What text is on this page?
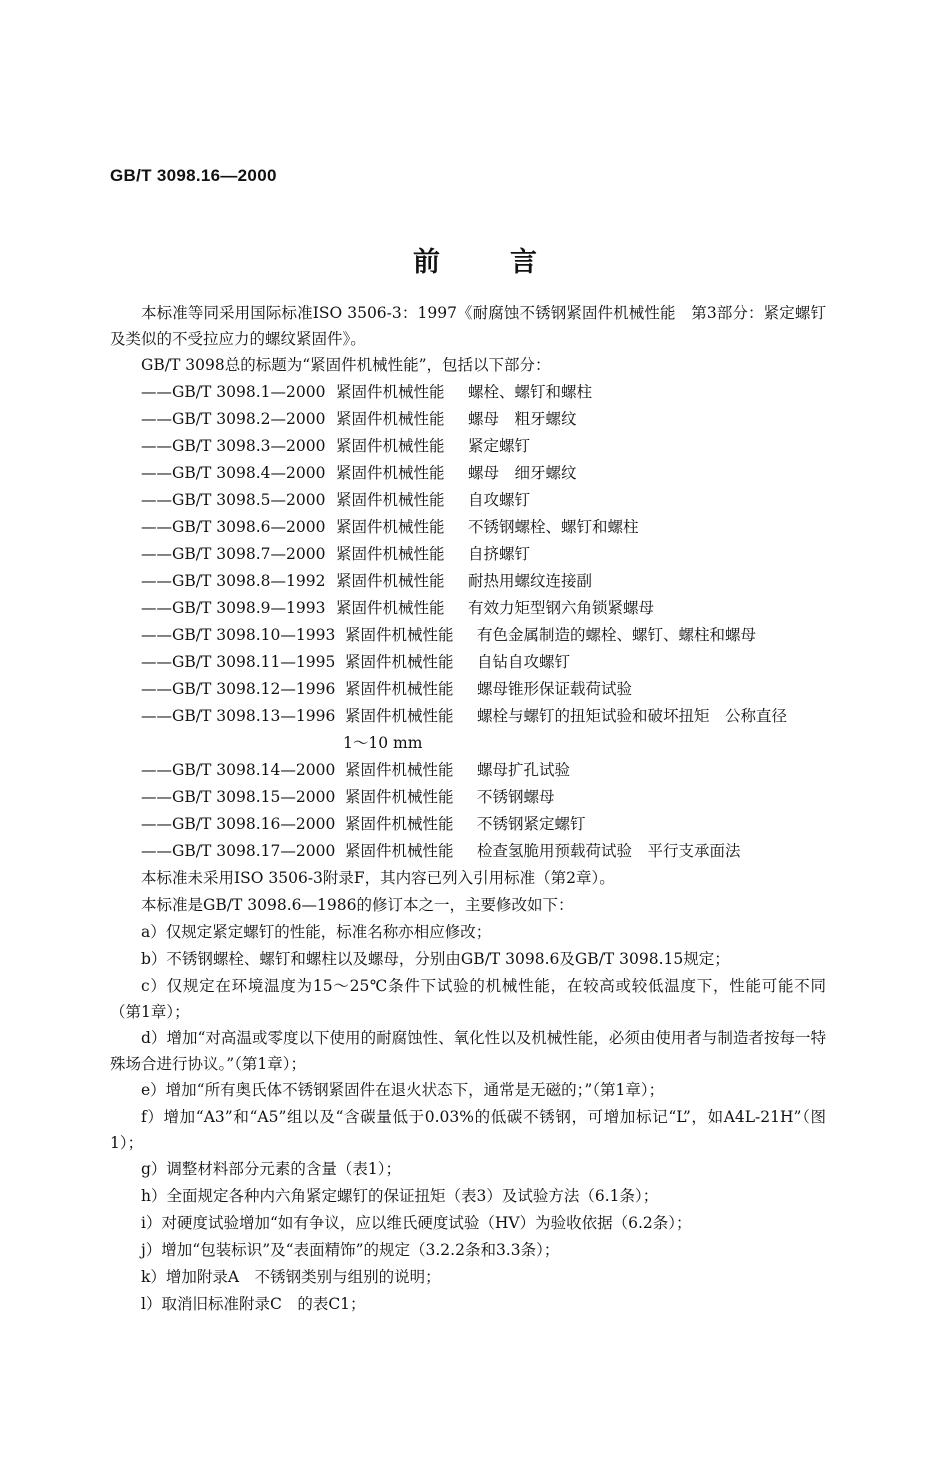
GB/T 3098.16—2000
前	言

本标准等同采用国际标准ISO 3506-3：1997《耐腐蚀不锈钢紧固件机械性能　第3部分：紧定螺钉及类似的不受拉应力的螺纹紧固件》。

GB/T 3098总的标题为“紧固件机械性能”，包括以下部分：

——GB/T 3098.1—2000 紧固件机械性能 螺栓、螺钉和螺柱
——GB/T 3098.2—2000 紧固件机械性能 螺母　粗牙螺纹
——GB/T 3098.3—2000 紧固件机械性能 紧定螺钉
——GB/T 3098.4—2000 紧固件机械性能 螺母　细牙螺纹
——GB/T 3098.5—2000 紧固件机械性能 自攻螺钉
——GB/T 3098.6—2000 紧固件机械性能 不锈钢螺栓、螺钉和螺柱
——GB/T 3098.7—2000 紧固件机械性能 自挤螺钉
——GB/T 3098.8—1992 紧固件机械性能 耐热用螺纹连接副
——GB/T 3098.9—1993 紧固件机械性能 有效力矩型钢六角锁紧螺母
——GB/T 3098.10—1993 紧固件机械性能 有色金属制造的螺栓、螺钉、螺柱和螺母
——GB/T 3098.11—1995 紧固件机械性能 自钻自攻螺钉
——GB/T 3098.12—1996 紧固件机械性能 螺母锥形保证载荷试验
——GB/T 3098.13—1996 紧固件机械性能 螺栓与螺钉的扭矩试验和破坏扭矩　公称直径
1～10 mm
——GB/T 3098.14—2000 紧固件机械性能 螺母扩孔试验
——GB/T 3098.15—2000 紧固件机械性能 不锈钢螺母
——GB/T 3098.16—2000 紧固件机械性能 不锈钢紧定螺钉
——GB/T 3098.17—2000 紧固件机械性能 检查氢脆用预载荷试验　平行支承面法

本标准未采用ISO 3506-3附录F，其内容已列入引用标准（第2章）。

本标准是GB/T 3098.6—1986的修订本之一，主要修改如下：

a）仅规定紧定螺钉的性能，标准名称亦相应修改；

b）不锈钢螺栓、螺钉和螺柱以及螺母，分别由GB/T 3098.6及GB/T 3098.15规定；

c）仅规定在环境温度为15～25℃条件下试验的机械性能，在较高或较低温度下，性能可能不同（第1章）；

d）增加“对高温或零度以下使用的耐腐蚀性、氧化性以及机械性能，必须由使用者与制造者按每一特殊场合进行协议。”（第1章）；

e）增加“所有奥氏体不锈钢紧固件在退火状态下，通常是无磁的；”（第1章）；

f）增加“A3”和“A5”组以及“含碳量低于0.03%的低碳不锈钢，可增加标记“L”，如A4L-21H”（图1）；

g）调整材料部分元素的含量（表1）；

h）全面规定各种内六角紧定螺钉的保证扭矩（表3）及试验方法（6.1条）；

i）对硬度试验增加“如有争议，应以维氏硬度试验（HV）为验收依据（6.2条）；

j）增加“包装标识”及“表面精饰”的规定（3.2.2条和3.3条）；

k）增加附录A　不锈钢类别与组别的说明；

l）取消旧标准附录C　的表C1；
